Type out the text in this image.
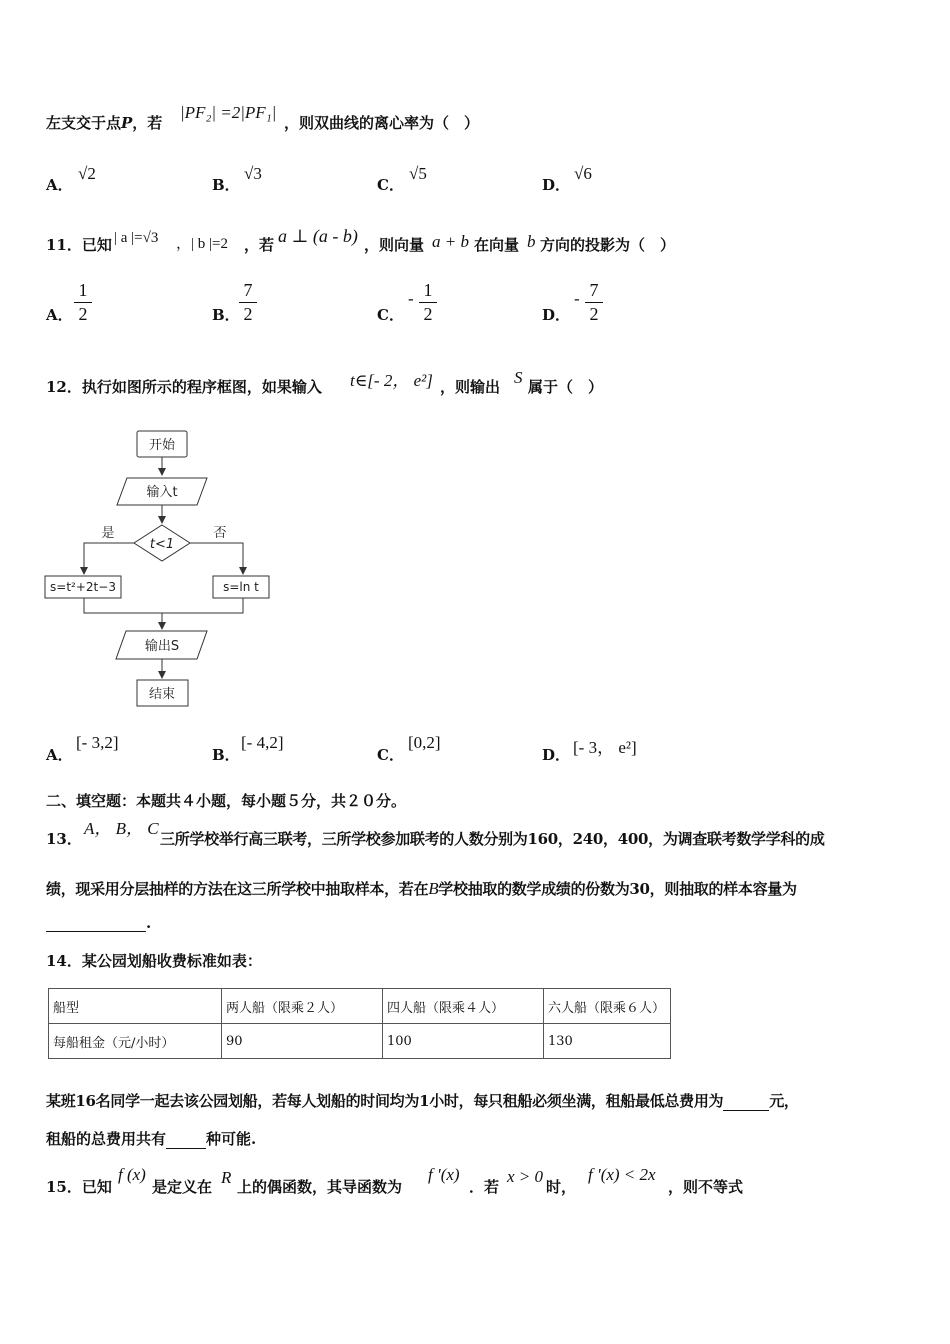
左支交于点P，若
|PF₂| =2|PF₁|
，则双曲线的离心率为（　）
A．
√2
B．
√3
C．
√5
D．
√6
11．已知 | a |=√3 ，| b |=2 ，若 a ⊥ (a - b) ，则向量 a + b 在向量 b 方向的投影为（　）
A．
1
2	B．
7
2	C．
- 1
2	D．
- 7
2
12．执行如图所示的程序框图，如果输入 t∈[- 2， e²] ，则输出 S 属于（　）
开始
输入t
t<1
是	否
s=t²+2t−3	s=ln t
输出S
结束
A．
[- 3,2]
B．
[- 4,2]
C．
[0,2]
D． [- 3， e²]
二、填空题：本题共４小题，每小题５分，共２０分。
13．
A， B， C
三所学校举行高三联考，三所学校参加联考的人数分别为160，240，400，为调查联考数学学科的成
绩，现采用分层抽样的方法在这三所学校中抽取样本，若在B学校抽取的数学成绩的份数为30，则抽取的样本容量为
.
14．某公园划船收费标准如表：
船型	两人船（限乘２人）	四人船（限乘４人）	六人船（限乘６人）
每船租金（元/小时）	90	100	130
某班16名同学一起去该公园划船，若每人划船的时间均为1小时，每只租船必须坐满，租船最低总费用为	元，
租船的总费用共有	种可能.
15．已知
f (x)
是定义在 R 上的偶函数，其导函数为
f ′(x)
．若
x > 0
时，
f ′(x) < 2x
，则不等式
